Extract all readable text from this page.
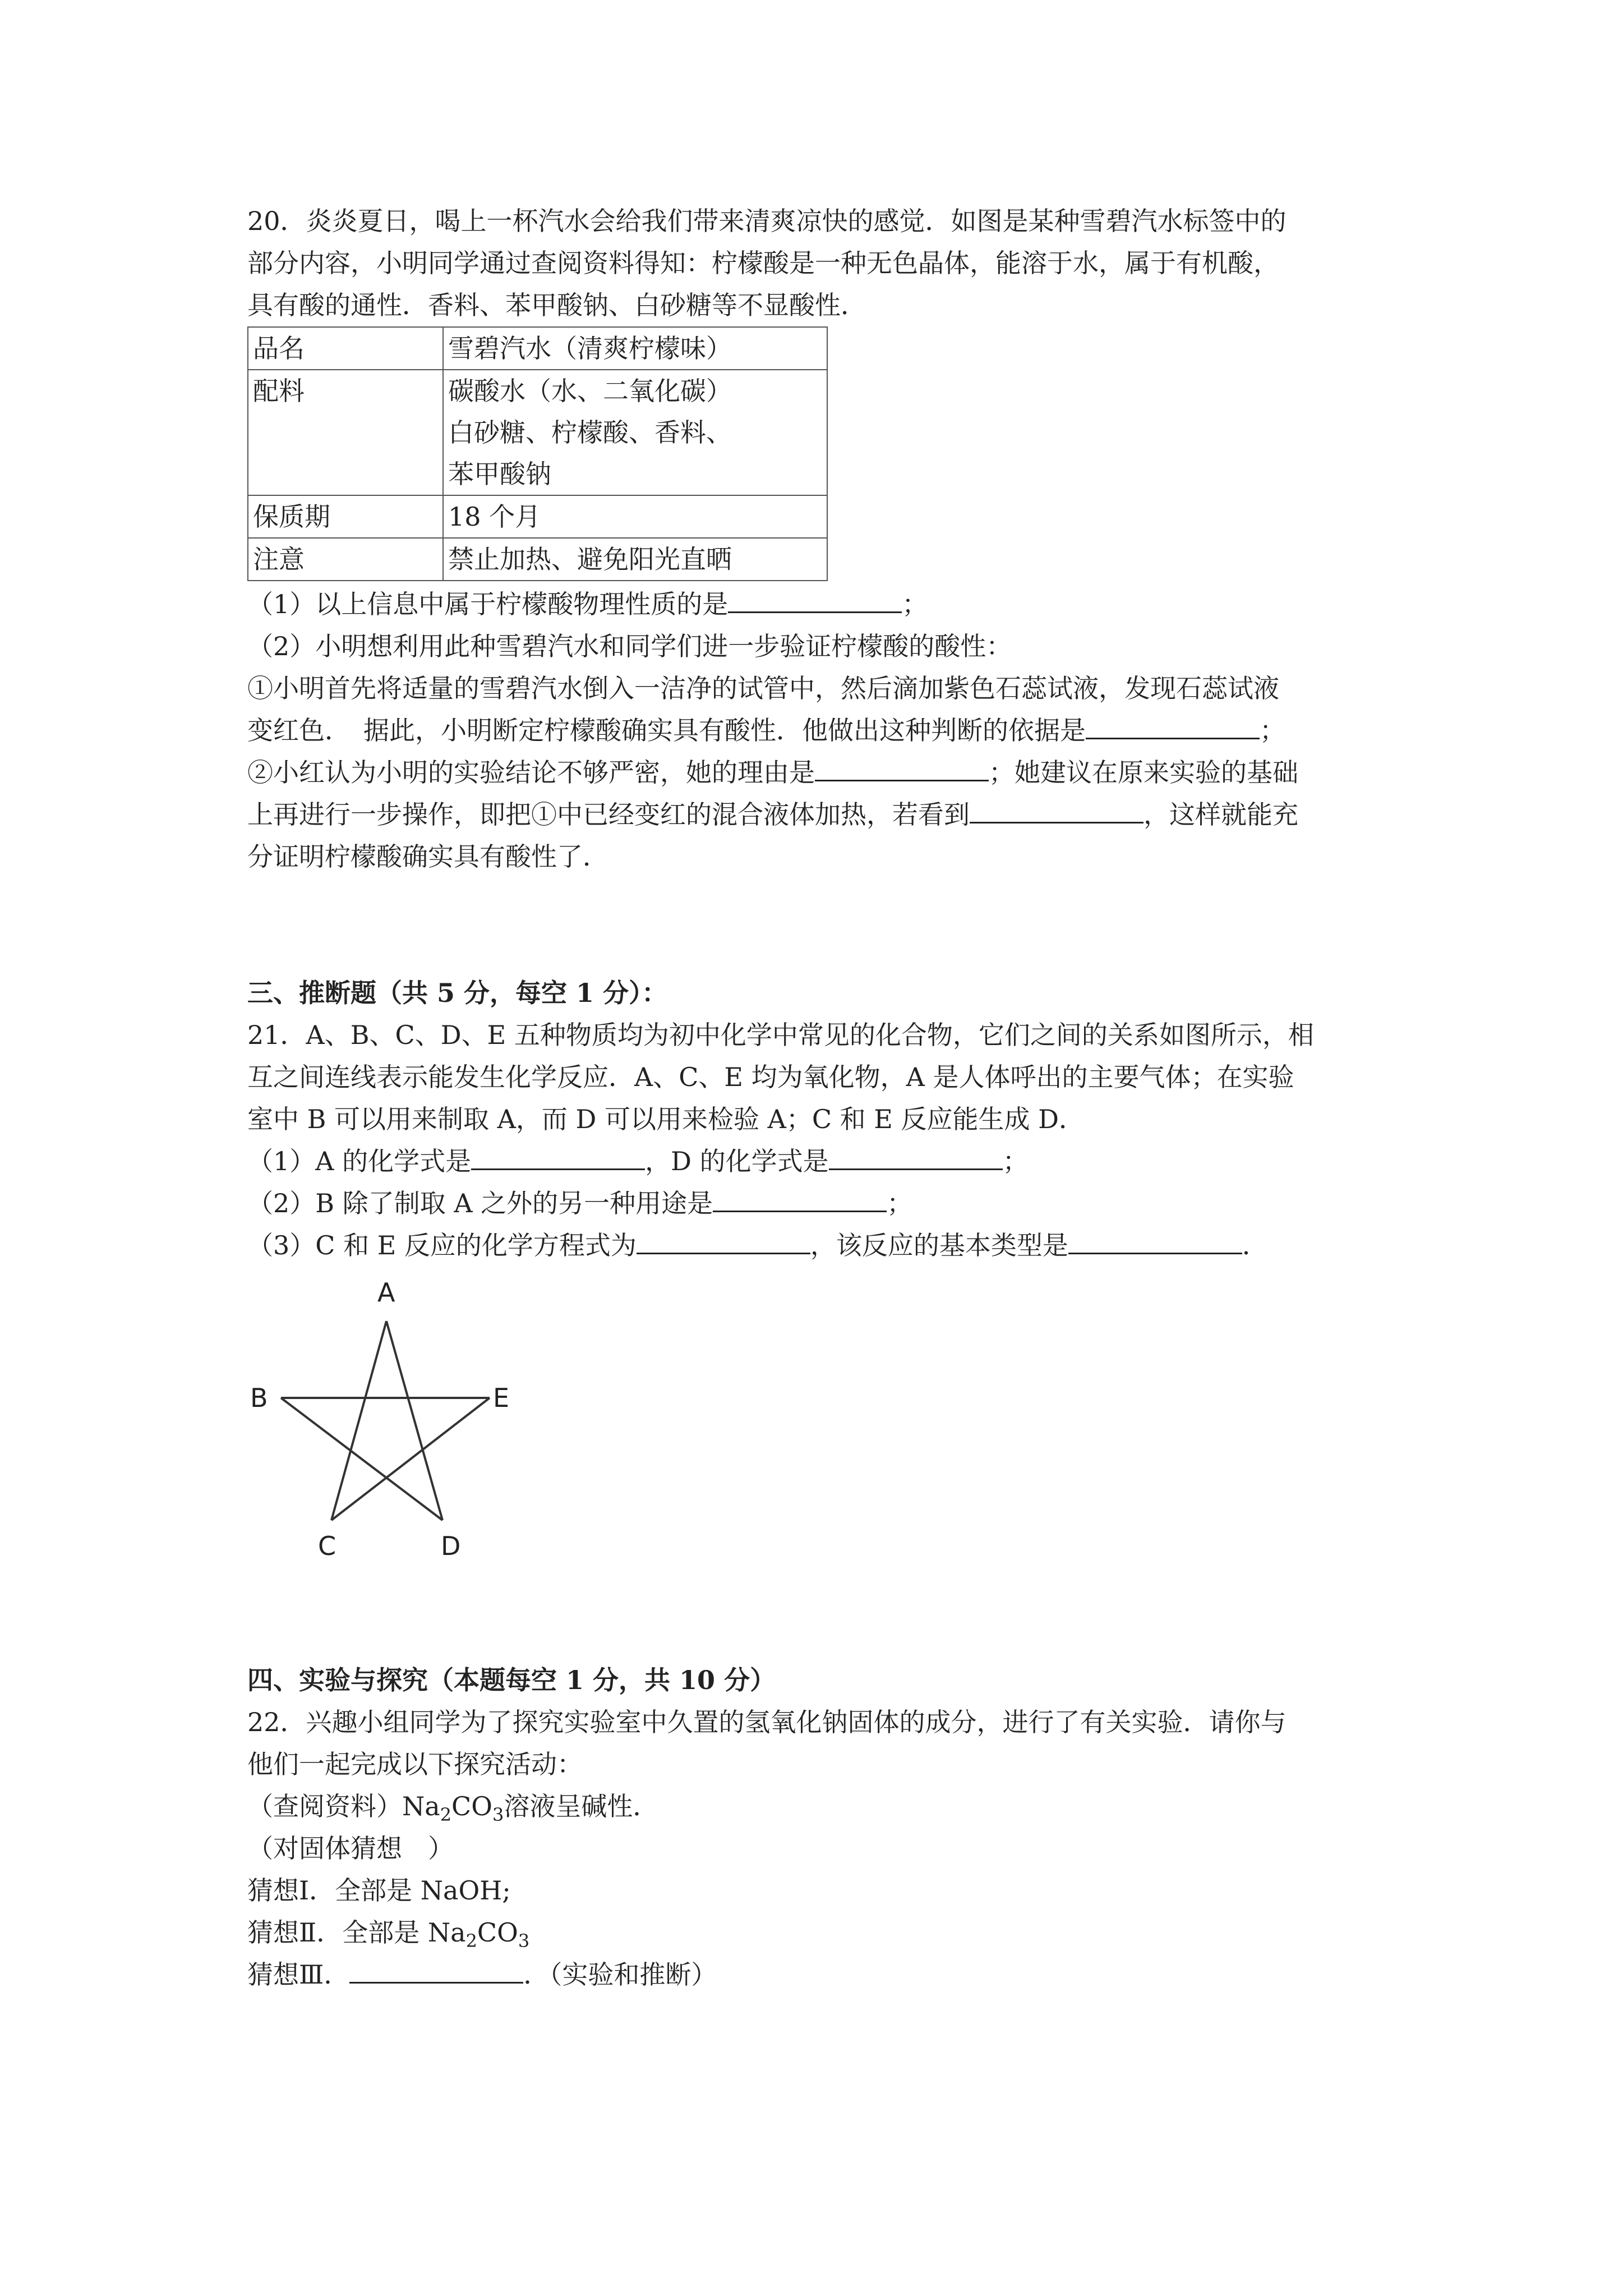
20．炎炎夏日，喝上一杯汽水会给我们带来清爽凉快的感觉．如图是某种雪碧汽水标签中的
部分内容，小明同学通过查阅资料得知：柠檬酸是一种无色晶体，能溶于水，属于有机酸，
具有酸的通性．香料、苯甲酸钠、白砂糖等不显酸性．
品名	雪碧汽水（清爽柠檬味）

配料	碳酸水（水、二氧化碳）
白砂糖、柠檬酸、香料、
苯甲酸钠

保质期	18 个月

注意	禁止加热、避免阳光直晒
（1）以上信息中属于柠檬酸物理性质的是	；
（2）小明想利用此种雪碧汽水和同学们进一步验证柠檬酸的酸性：
①小明首先将适量的雪碧汽水倒入一洁净的试管中，然后滴加紫色石蕊试液，发现石蕊试液
变红色．　据此，小明断定柠檬酸确实具有酸性．他做出这种判断的依据是	；
②小红认为小明的实验结论不够严密，她的理由是	；她建议在原来实验的基础
上再进行一步操作，即把①中已经变红的混合液体加热，若看到	，这样就能充
分证明柠檬酸确实具有酸性了．
三、推断题（共 5 分，每空 1 分）：
21．A、B、C、D、E 五种物质均为初中化学中常见的化合物，它们之间的关系如图所示，相
互之间连线表示能发生化学反应．A、C、E 均为氧化物，A 是人体呼出的主要气体；在实验
室中 B 可以用来制取 A，而 D 可以用来检验 A；C 和 E 反应能生成 D．
（1）A 的化学式是	，D 的化学式是	；
（2）B 除了制取 A 之外的另一种用途是	；
（3）C 和 E 反应的化学方程式为	，该反应的基本类型是	．
A
B	E
C	D
四、实验与探究（本题每空 1 分，共 10 分）
22．兴趣小组同学为了探究实验室中久置的氢氧化钠固体的成分，进行了有关实验．请你与
他们一起完成以下探究活动：
（查阅资料）$Na_2CO_3$溶液呈碱性．
（对固体猜想　）
猜想Ⅰ．全部是 NaOH;
猜想Ⅱ．全部是 $Na_2CO_3$
猜想Ⅲ．	．（实验和推断）
